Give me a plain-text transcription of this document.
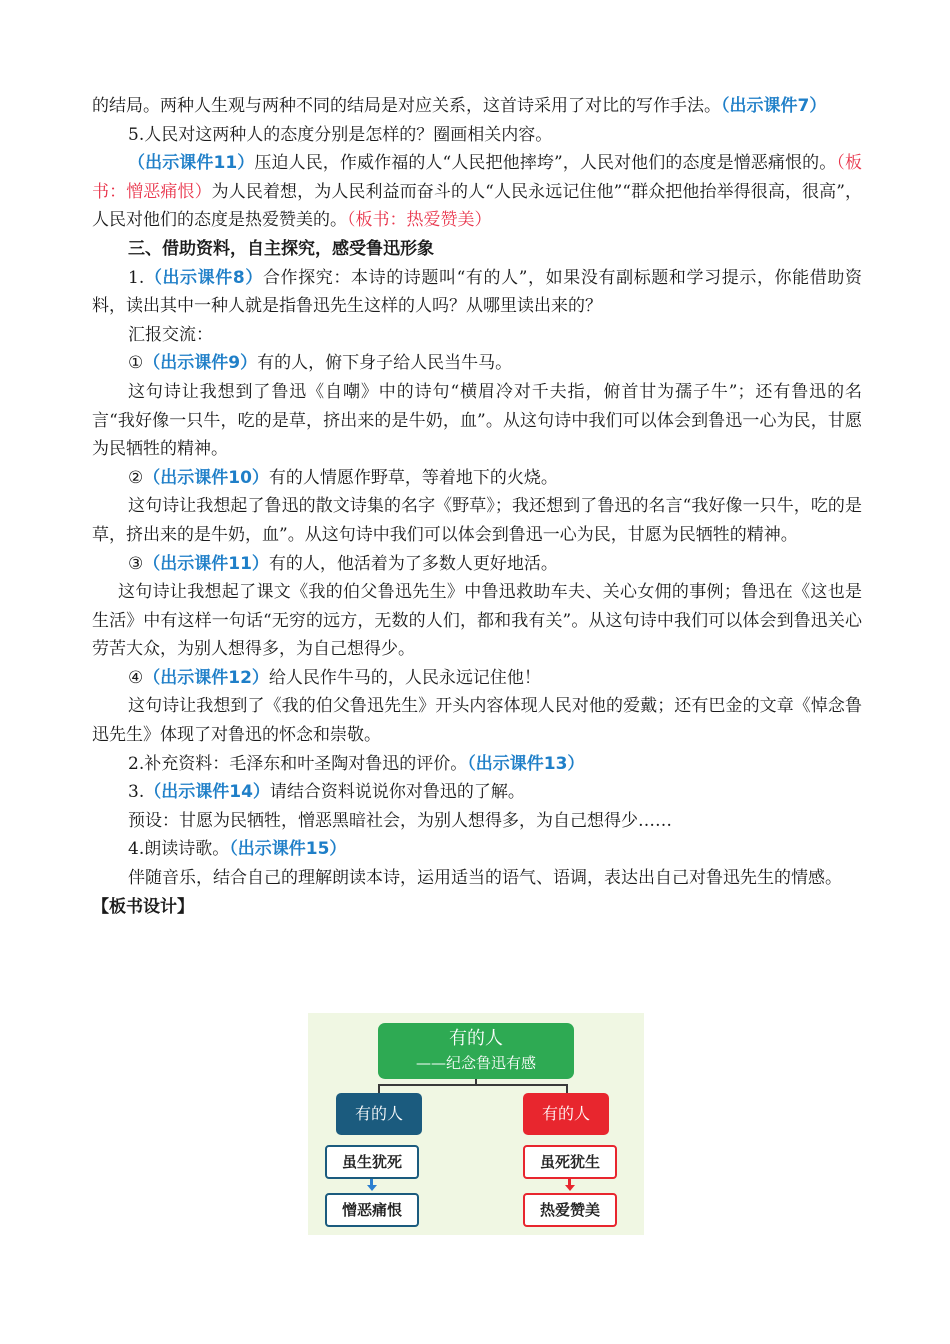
的结局。两种人生观与两种不同的结局是对应关系，这首诗采用了对比的写作手法。（出示课件7）

5.人民对这两种人的态度分别是怎样的？圈画相关内容。

（出示课件11）压迫人民，作威作福的人“人民把他摔垮”，人民对他们的态度是憎恶痛恨的。（板书：憎恶痛恨）为人民着想，为人民利益而奋斗的人“人民永远记住他”“群众把他抬举得很高，很高”，人民对他们的态度是热爱赞美的。（板书：热爱赞美）

三、借助资料，自主探究，感受鲁迅形象

1.（出示课件8）合作探究：本诗的诗题叫“有的人”，如果没有副标题和学习提示，你能借助资料，读出其中一种人就是指鲁迅先生这样的人吗？从哪里读出来的？

汇报交流：

①（出示课件9）有的人，俯下身子给人民当牛马。

这句诗让我想到了鲁迅《自嘲》中的诗句“横眉冷对千夫指，俯首甘为孺子牛”；还有鲁迅的名言“我好像一只牛，吃的是草，挤出来的是牛奶，血”。从这句诗中我们可以体会到鲁迅一心为民，甘愿为民牺牲的精神。

②（出示课件10）有的人情愿作野草，等着地下的火烧。

这句诗让我想起了鲁迅的散文诗集的名字《野草》；我还想到了鲁迅的名言“我好像一只牛，吃的是草，挤出来的是牛奶，血”。从这句诗中我们可以体会到鲁迅一心为民，甘愿为民牺牲的精神。

③（出示课件11）有的人，他活着为了多数人更好地活。

这句诗让我想起了课文《我的伯父鲁迅先生》中鲁迅救助车夫、关心女佣的事例；鲁迅在《这也是生活》中有这样一句话“无穷的远方，无数的人们，都和我有关”。从这句诗中我们可以体会到鲁迅关心劳苦大众，为别人想得多，为自己想得少。

④（出示课件12）给人民作牛马的，人民永远记住他！

这句诗让我想到了《我的伯父鲁迅先生》开头内容体现人民对他的爱戴；还有巴金的文章《悼念鲁迅先生》体现了对鲁迅的怀念和崇敬。

2.补充资料：毛泽东和叶圣陶对鲁迅的评价。（出示课件13）

3.（出示课件14）请结合资料说说你对鲁迅的了解。

预设：甘愿为民牺牲，憎恶黑暗社会，为别人想得多，为自己想得少……

4.朗读诗歌。（出示课件15）

伴随音乐，结合自己的理解朗读本诗，运用适当的语气、语调，表达出自己对鲁迅先生的情感。

【板书设计】

有的人
——纪念鲁迅有感
有的人	有的人
虽生犹死
憎恶痛恨
虽死犹生
热爱赞美
